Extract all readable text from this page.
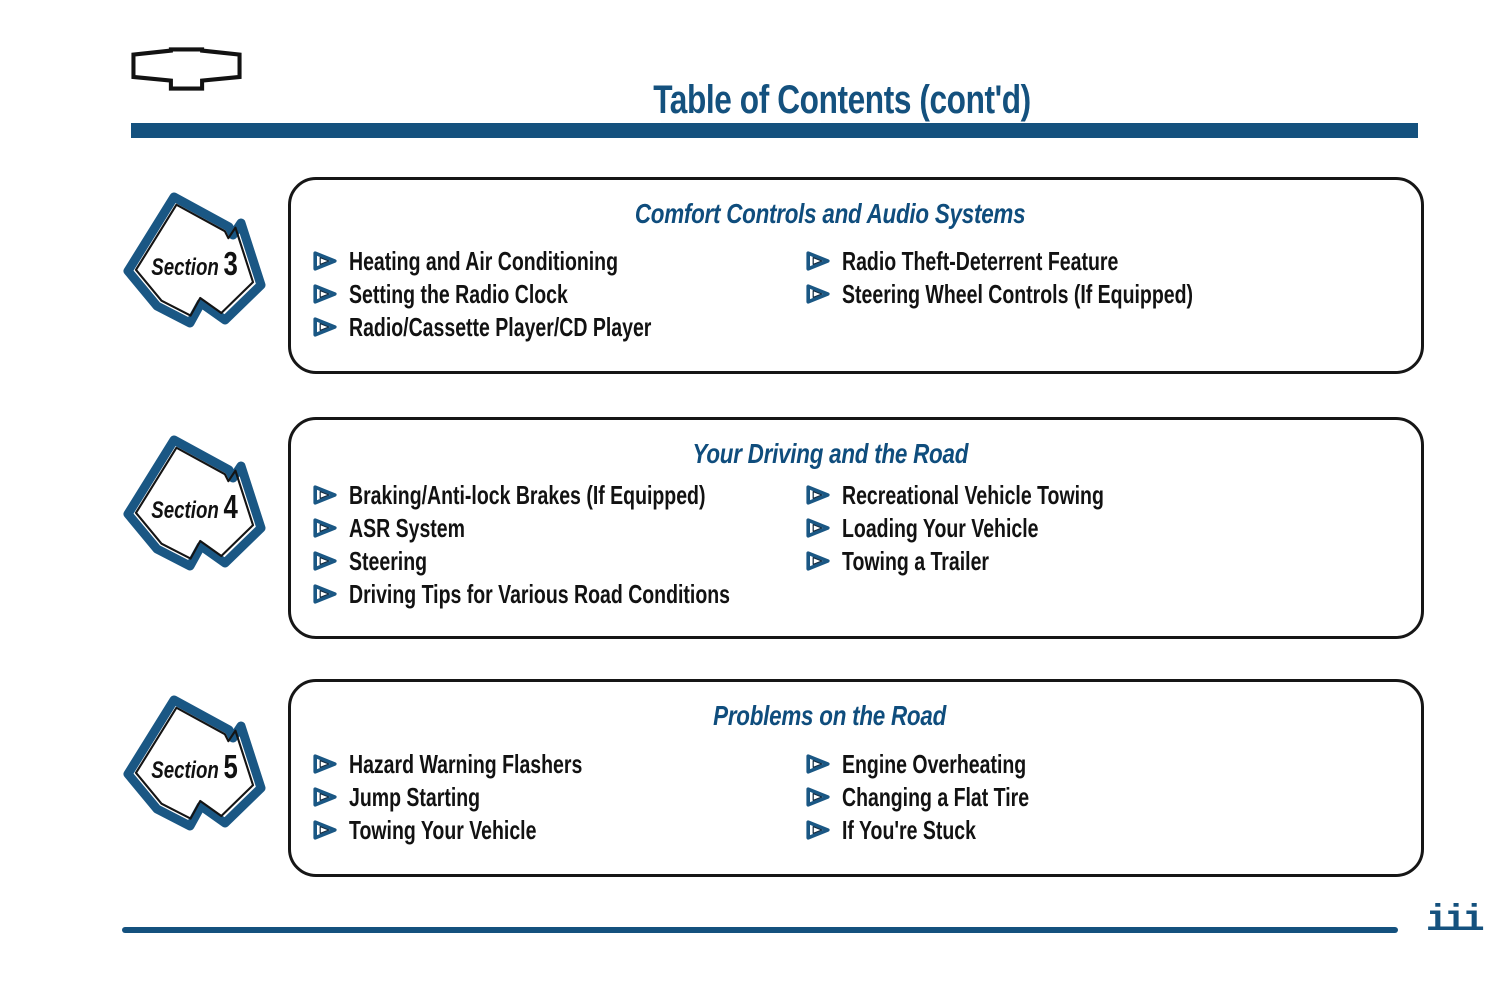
Table of Contents (cont'd)
Section 3
Comfort Controls and Audio Systems
Heating and Air Conditioning
Setting the Radio Clock
Radio/Cassette Player/CD Player
Radio Theft-Deterrent Feature
Steering Wheel Controls (If Equipped)
Section 4
Your Driving and the Road
Braking/Anti-lock Brakes (If Equipped)
ASR System
Steering
Driving Tips for Various Road Conditions
Recreational Vehicle Towing
Loading Your Vehicle
Towing a Trailer
Section 5
Problems on the Road
Hazard Warning Flashers
Jump Starting
Towing Your Vehicle
Engine Overheating
Changing a Flat Tire
If You're Stuck
iii
